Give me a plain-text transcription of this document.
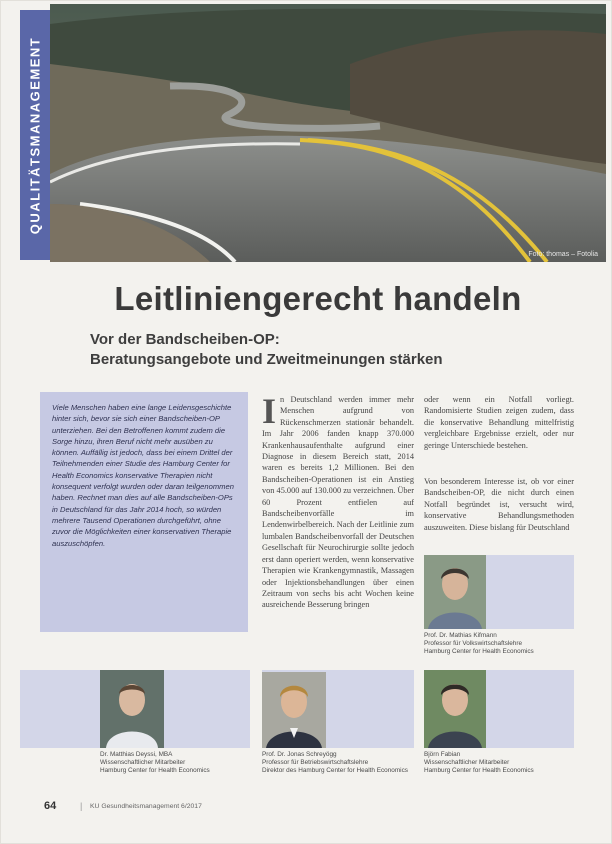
Foto: thomas – Fotolia
QUALITÄTSMANAGEMENT
Leitliniengerecht handeln
Vor der Bandscheiben-OP:
Beratungsangebote und Zweitmeinungen stärken
Viele Menschen haben eine lange Leidensgeschichte hinter sich, bevor sie sich einer Bandscheiben-OP unterziehen. Bei den Betroffenen kommt zudem die Sorge hinzu, ihren Beruf nicht mehr ausüben zu können. Auffällig ist jedoch, dass bei einem Drittel der Teilnehmenden einer Studie des Hamburg Center for Health Economics konservative Therapien nicht konsequent verfolgt wurden oder daran teilgenommen haben. Rechnet man dies auf alle Bandscheiben-OPs in Deutschland für das Jahr 2014 hoch, so würden mehrere Tausend Operationen durchgeführt, ohne zuvor die Möglichkeiten einer konservativen Therapie auszuschöpfen.

In Deutschland werden immer mehr Menschen aufgrund von Rückenschmerzen stationär behandelt. Im Jahr 2006 fanden knapp 370.000 Krankenhausaufenthalte aufgrund einer Diagnose in diesem Bereich statt, 2014 waren es bereits 1,2 Millionen. Bei den Bandscheiben-Operationen ist ein Anstieg von 45.000 auf 130.000 zu verzeichnen. Über 60 Prozent entfielen auf Bandscheibenvorfälle im Lendenwirbelbereich. Nach der Leitlinie zum lumbalen Bandscheibenvorfall der Deutschen Gesellschaft für Neurochirurgie sollte jedoch erst dann operiert werden, wenn konservative Therapien wie Krankengymnastik, Massagen oder Injektionsbehandlungen über einen Zeitraum von sechs bis acht Wochen keine ausreichende Besserung bringen

oder wenn ein Notfall vorliegt. Randomisierte Studien zeigen zudem, dass die konservative Behandlung mittelfristig vergleichbare Ergebnisse erzielt, oder nur geringe Unterschiede bestehen.

Von besonderem Interesse ist, ob vor einer Bandscheiben-OP, die nicht durch einen Notfall begründet ist, versucht wird, konservative Behandlungsmethoden auszuweiten. Diese bislang für Deutschland

Dr. Matthias Deyssi, MBA
Wissenschaftlicher Mitarbeiter
Hamburg Center for Health Economics
Prof. Dr. Jonas Schreyögg
Professor für Betriebswirtschaftslehre
Direktor des Hamburg Center for Health Economics
Prof. Dr. Mathias Kifmann
Professor für Volkswirtschaftslehre
Hamburg Center for Health Economics
Björn Fabian
Wissenschaftlicher Mitarbeiter
Hamburg Center for Health Economics
64	| KU Gesundheitsmanagement 6/2017
